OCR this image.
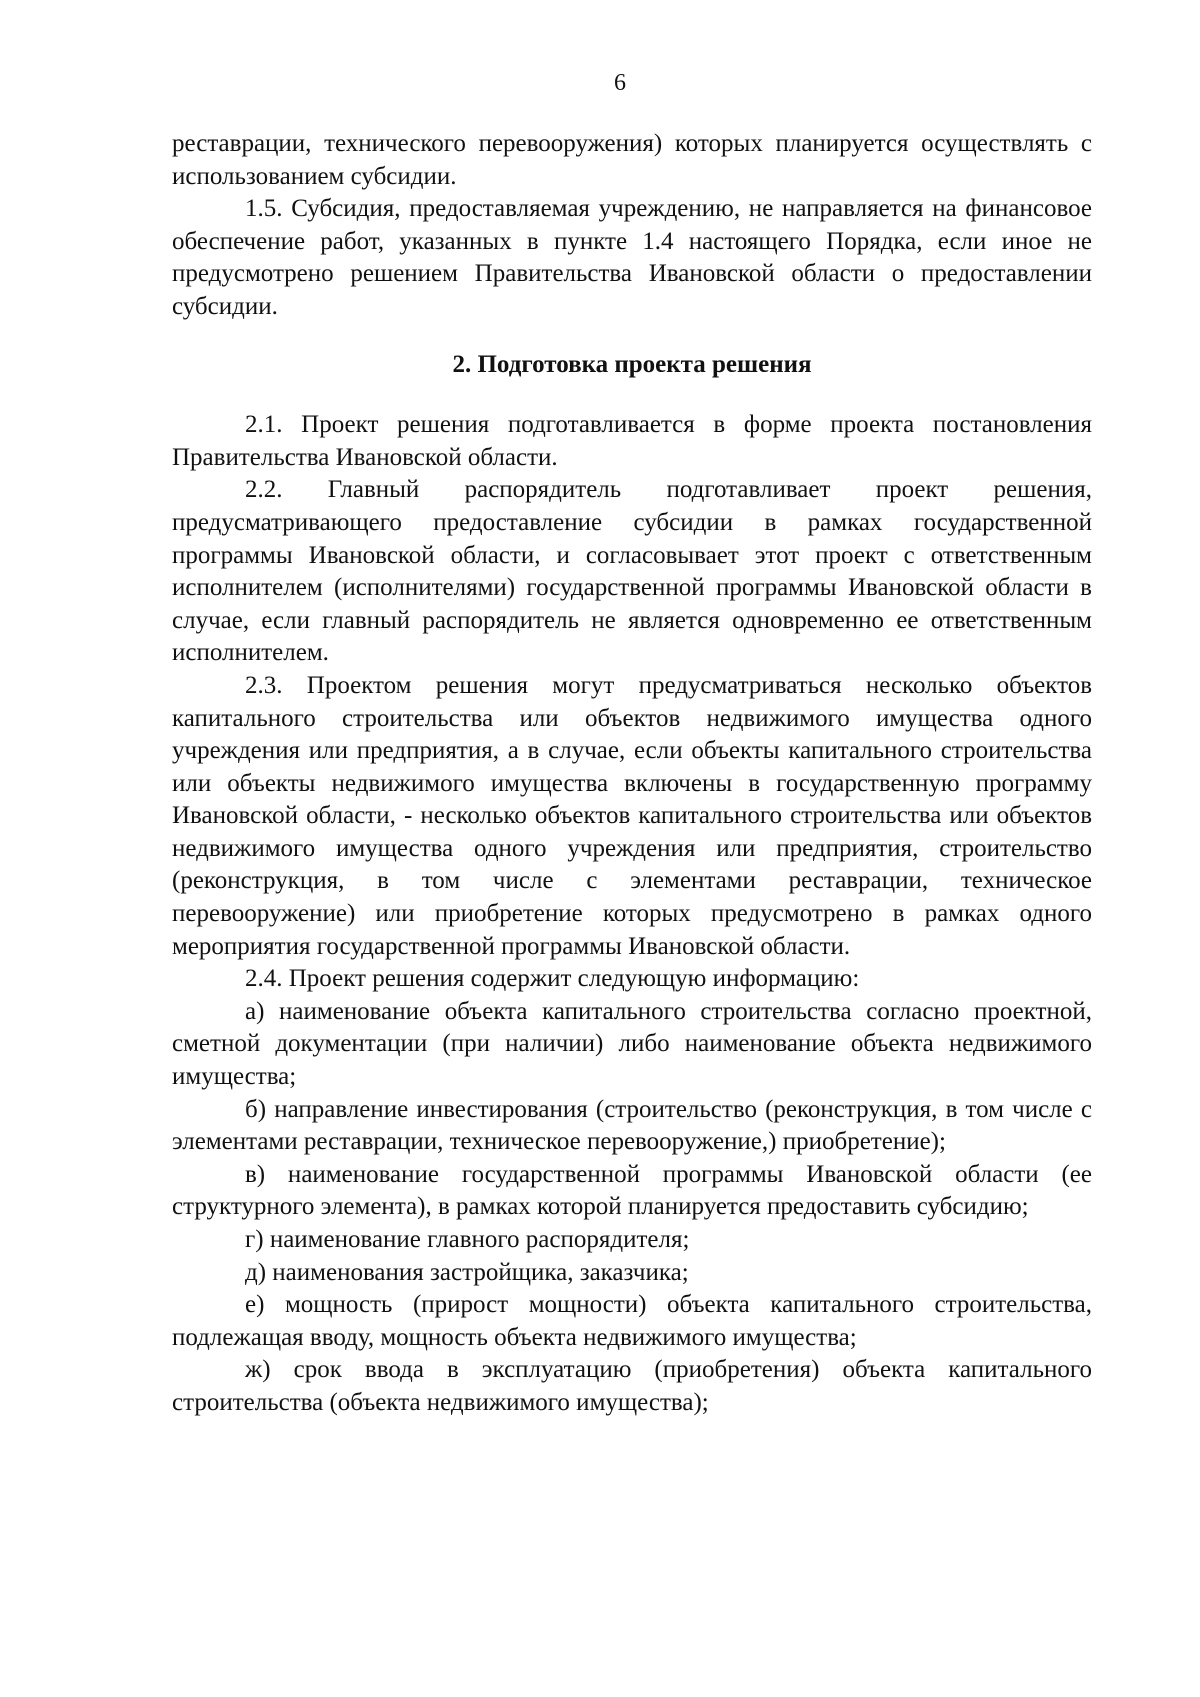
6

реставрации, технического перевооружения) которых планируется осуществлять с использованием субсидии.

1.5. Субсидия, предоставляемая учреждению, не направляется на финансовое обеспечение работ, указанных в пункте 1.4 настоящего Порядка, если иное не предусмотрено решением Правительства Ивановской области о предоставлении субсидии.

2. Подготовка проекта решения

2.1. Проект решения подготавливается в форме проекта постановления Правительства Ивановской области.

2.2. Главный распорядитель подготавливает проект решения, предусматривающего предоставление субсидии в рамках государственной программы Ивановской области, и согласовывает этот проект с ответственным исполнителем (исполнителями) государственной программы Ивановской области в случае, если главный распорядитель не является одновременно ее ответственным исполнителем.

2.3. Проектом решения могут предусматриваться несколько объектов капитального строительства или объектов недвижимого имущества одного учреждения или предприятия, а в случае, если объекты капитального строительства или объекты недвижимого имущества включены в государственную программу Ивановской области, - несколько объектов капитального строительства или объектов недвижимого имущества одного учреждения или предприятия, строительство (реконструкция, в том числе с элементами реставрации, техническое перевооружение) или приобретение которых предусмотрено в рамках одного мероприятия государственной программы Ивановской области.

2.4. Проект решения содержит следующую информацию:

а) наименование объекта капитального строительства согласно проектной, сметной документации (при наличии) либо наименование объекта недвижимого имущества;

б) направление инвестирования (строительство (реконструкция, в том числе с элементами реставрации, техническое перевооружение,) приобретение);

в) наименование государственной программы Ивановской области (ее структурного элемента), в рамках которой планируется предоставить субсидию;

г) наименование главного распорядителя;

д) наименования застройщика, заказчика;

е) мощность (прирост мощности) объекта капитального строительства, подлежащая вводу, мощность объекта недвижимого имущества;

ж) срок ввода в эксплуатацию (приобретения) объекта капитального строительства (объекта недвижимого имущества);
